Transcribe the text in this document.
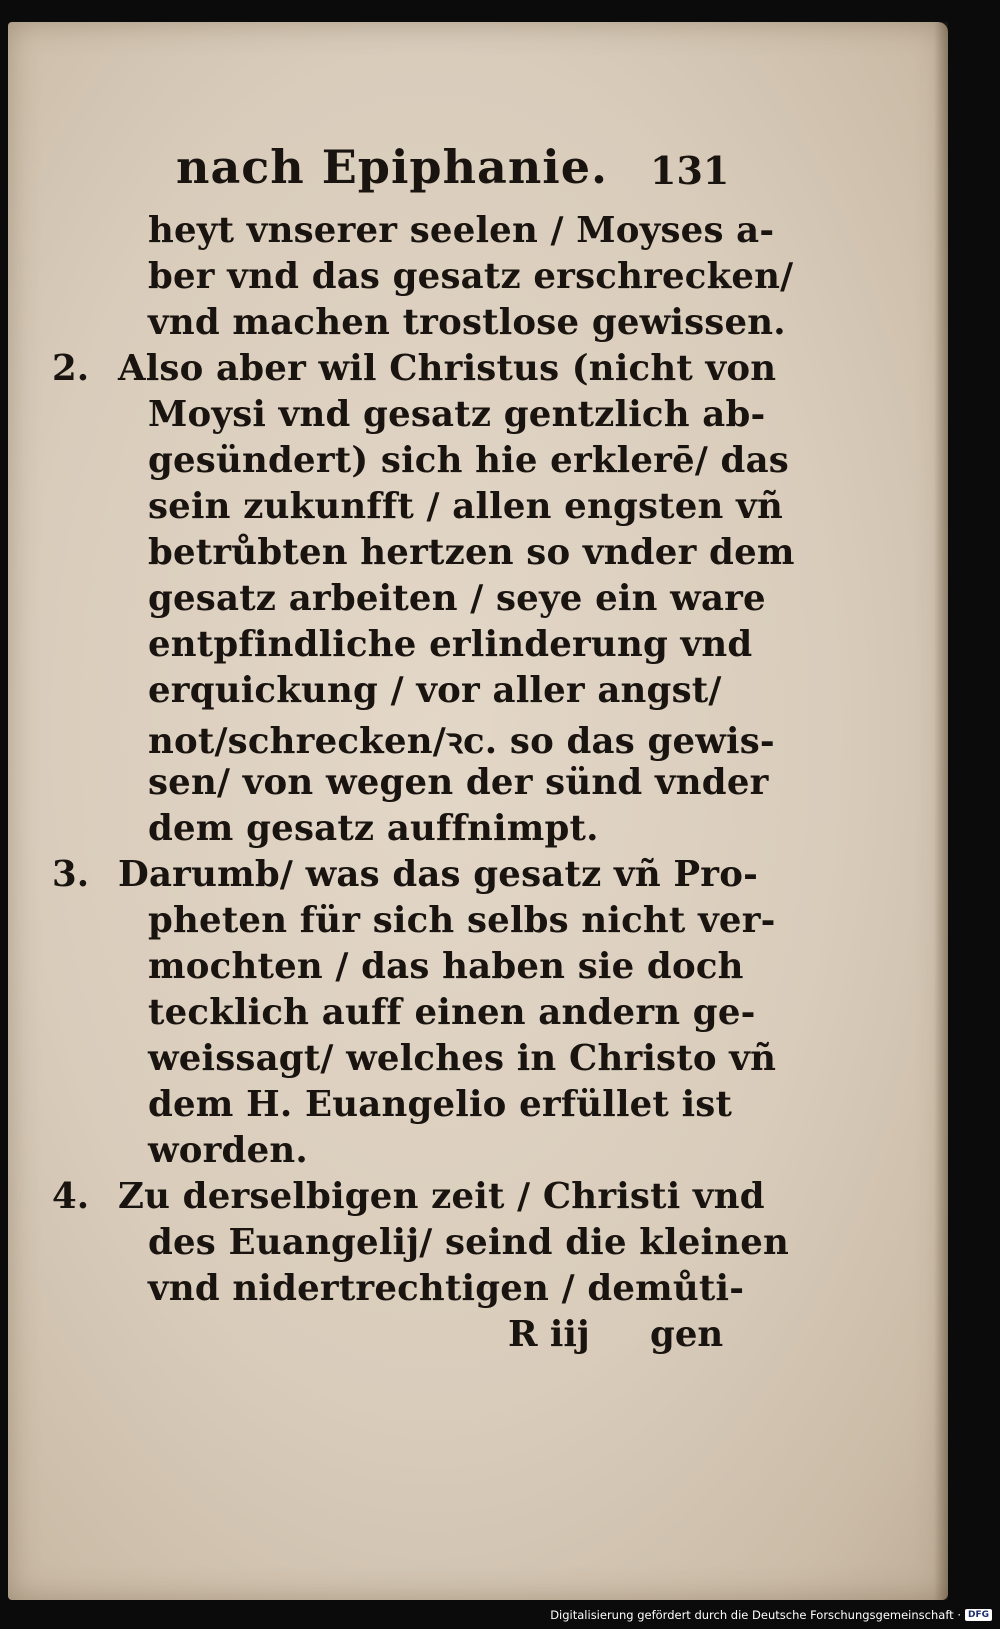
nach Epiphanie. 131
heyt vnserer seelen / Moyses a-
ber vnd das gesatz erschrecken/
vnd machen trostlose gewissen.
2. Also aber wil Christus (nicht von
Moysi vnd gesatz gentzlich ab-
gesündert) sich hie erklerē/ das
sein zukunfft / allen engsten vñ
betrůbten hertzen so vnder dem
gesatz arbeiten / seye ein ware
entpfindliche erlinderung vnd
erquickung / vor aller angst/
not/schrecken/ꝛc. so das gewis-
sen/ von wegen der sünd vnder
dem gesatz auffnimpt.
3. Darumb/ was das gesatz vñ Pro-
pheten für sich selbs nicht ver-
mochten / das haben sie doch
tecklich auff einen andern ge-
weissagt/ welches in Christo vñ
dem H. Euangelio erfüllet ist
worden.
4. Zu derselbigen zeit / Christi vnd
des Euangelij/ seind die kleinen
vnd nidertrechtigen / demůti-
R iij gen
Digitalisierung gefördert durch die Deutsche Forschungsgemeinschaft · DFG
